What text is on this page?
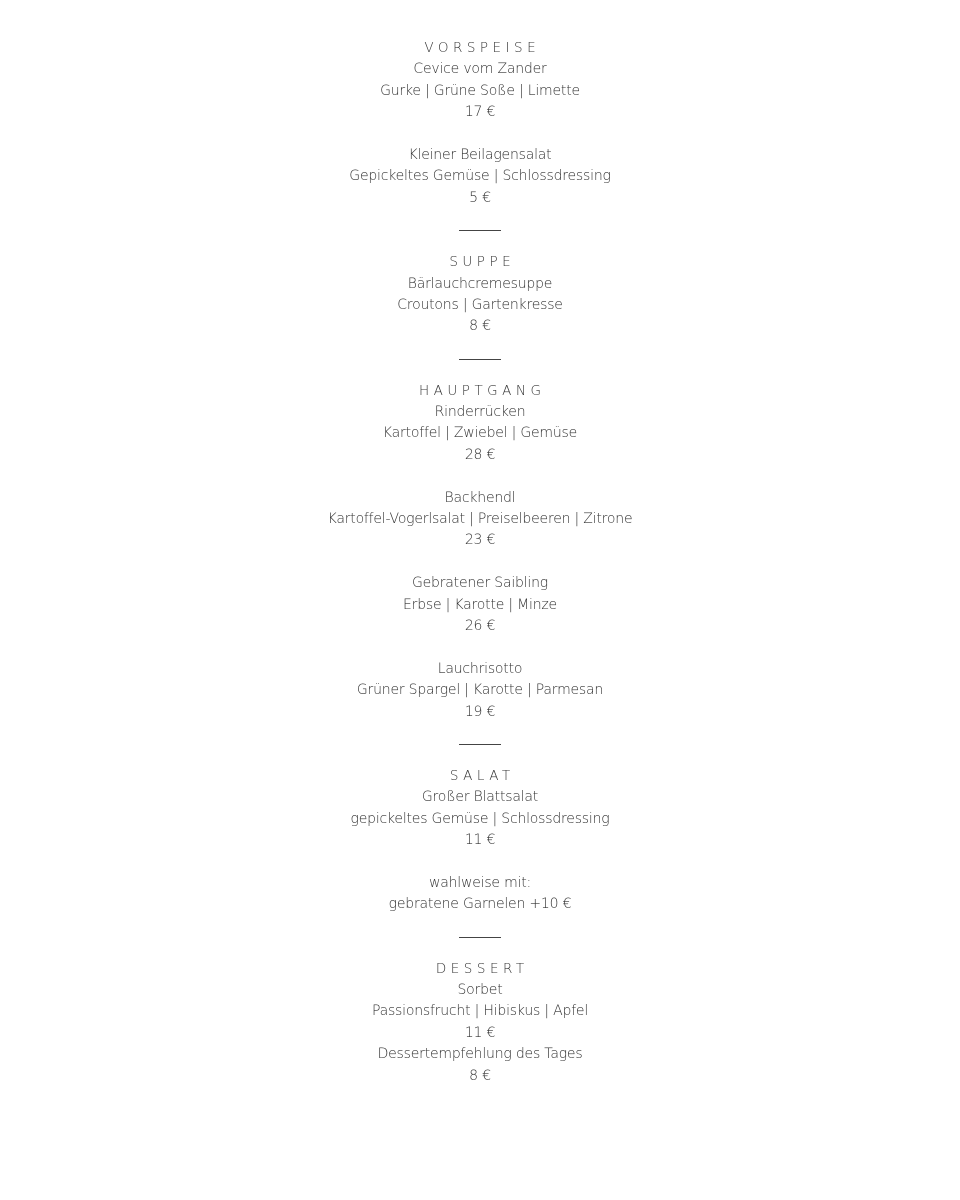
VORSPEISE
Cevice vom Zander
Gurke | Grüne Soße | Limette
17 €
Kleiner Beilagensalat
Gepickeltes Gemüse | Schlossdressing
5 €
SUPPE
Bärlauchcremesuppe
Croutons | Gartenkresse
8 €
HAUPTGANG
Rinderrücken
Kartoffel | Zwiebel | Gemüse
28 €
Backhendl
Kartoffel-Vogerlsalat | Preiselbeeren | Zitrone
23 €
Gebratener Saibling
Erbse | Karotte | Minze
26 €
Lauchrisotto
Grüner Spargel | Karotte | Parmesan
19 €
SALAT
Großer Blattsalat
gepickeltes Gemüse | Schlossdressing
11 €
wahlweise mit:
gebratene Garnelen +10 €
DESSERT
Sorbet
Passionsfrucht | Hibiskus | Apfel
11 €
Dessertempfehlung des Tages
8 €
